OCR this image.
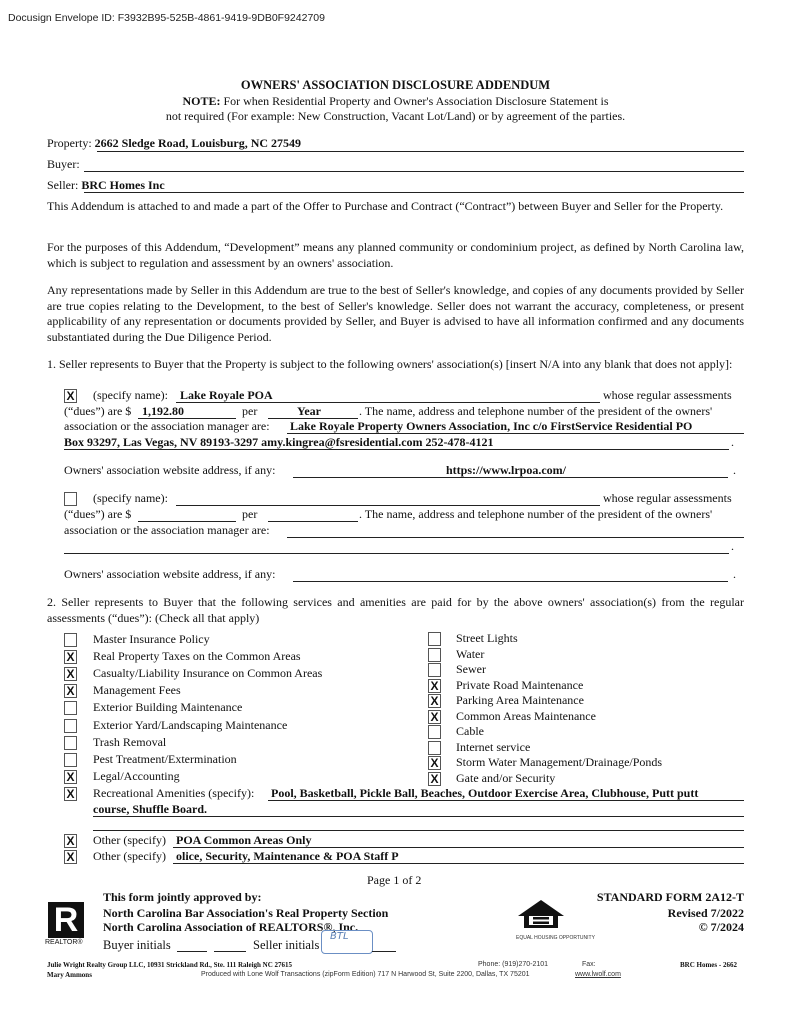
Docusign Envelope ID: F3932B95-525B-4861-9419-9DB0F9242709
OWNERS' ASSOCIATION DISCLOSURE ADDENDUM
NOTE: For when Residential Property and Owner's Association Disclosure Statement is
not required (For example: New Construction, Vacant Lot/Land) or by agreement of the parties.
Property: 2662 Sledge Road, Louisburg, NC 27549
Buyer:
Seller: BRC Homes Inc
This Addendum is attached to and made a part of the Offer to Purchase and Contract (“Contract”) between Buyer and Seller for the Property.
For the purposes of this Addendum, “Development” means any planned community or condominium project, as defined by North Carolina law, which is subject to regulation and assessment by an owners' association.
Any representations made by Seller in this Addendum are true to the best of Seller's knowledge, and copies of any documents provided by Seller are true copies relating to the Development, to the best of Seller's knowledge. Seller does not warrant the accuracy, completeness, or present applicability of any representation or documents provided by Seller, and Buyer is advised to have all information confirmed and any documents substantiated during the Due Diligence Period.
1. Seller represents to Buyer that the Property is subject to the following owners' association(s) [insert N/A into any blank that does not apply]:
X (specify name): Lake Royale POA	whose regular assessments
(“dues”) are $ 1,192.80	per	Year	. The name, address and telephone number of the president of the owners'
association or the association manager are: Lake Royale Property Owners Association, Inc c/o FirstService Residential PO
Box 93297, Las Vegas, NV 89193-3297 amy.kingrea@fsresidential.com 252-478-4121	.
Owners' association website address, if any:	https://www.lrpoa.com/	.
(specify name):	whose regular assessments
(“dues”) are $	per	. The name, address and telephone number of the president of the owners'
association or the association manager are:
.
Owners' association website address, if any:	.
2. Seller represents to Buyer that the following services and amenities are paid for by the above owners' association(s) from the regular assessments (“dues”): (Check all that apply)
Master Insurance Policy
X Real Property Taxes on the Common Areas
X Casualty/Liability Insurance on Common Areas
X Management Fees
Exterior Building Maintenance
Exterior Yard/Landscaping Maintenance
Trash Removal
Pest Treatment/Extermination
X Legal/Accounting
Street Lights
Water
Sewer
X Private Road Maintenance
X Parking Area Maintenance
X Common Areas Maintenance
Cable
Internet service
X Storm Water Management/Drainage/Ponds
X Gate and/or Security
X Recreational Amenities (specify): Pool, Basketball, Pickle Ball, Beaches, Outdoor Exercise Area, Clubhouse, Putt putt
course, Shuffle Board.
X Other (specify) POA Common Areas Only
X Other (specify) olice, Security, Maintenance & POA Staff P
Page 1 of 2
R
REALTOR®
This form jointly approved by:
North Carolina Bar Association's Real Property Section
North Carolina Association of REALTORS®, Inc.
Buyer initials	Seller initials
BTL	EQUAL HOUSING OPPORTUNITY
STANDARD FORM 2A12-T
Revised 7/2022
© 7/2024
Julie Wright Realty Group LLC, 10931 Strickland Rd., Ste. 111 Raleigh NC 27615
Mary Ammons
Phone: (919)270-2101	Fax:	BRC Homes - 2662
Produced with Lone Wolf Transactions (zipForm Edition) 717 N Harwood St, Suite 2200, Dallas, TX 75201	www.lwolf.com
